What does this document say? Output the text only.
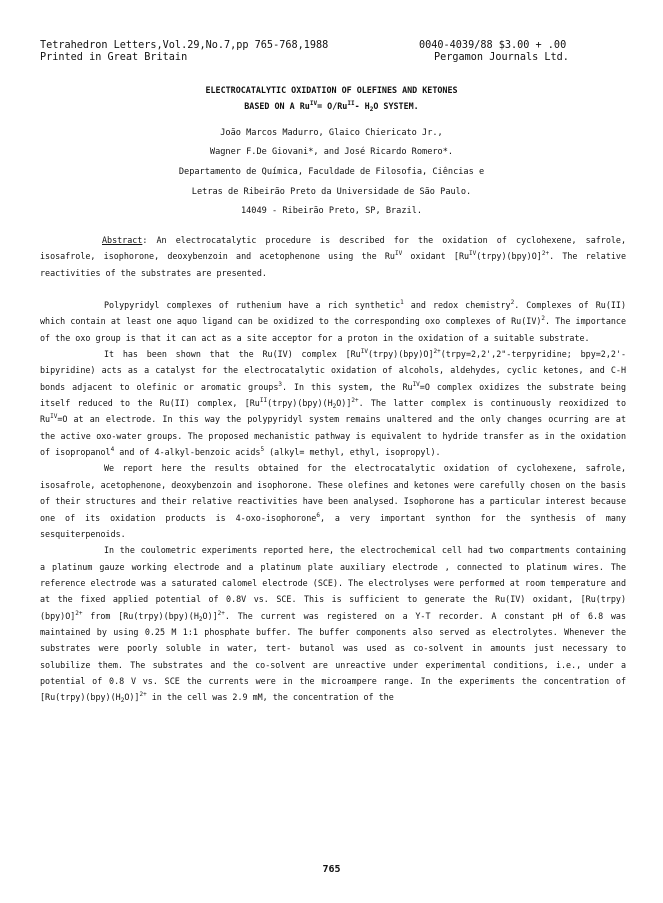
Tetrahedron Letters,Vol.29,No.7,pp 765-768,1988
Printed in Great Britain
0040-4039/88 $3.00 + .00
Pergamon Journals Ltd.
ELECTROCATALYTIC OXIDATION OF OLEFINES AND KETONES
BASED ON A $Ru^{IV}= O/Ru^{II}-$ $H_2O$ SYSTEM.
João Marcos Madurro, Glaico Chiericato Jr.,
Wagner F.De Giovani*, and José Ricardo Romero*.
Departamento de Química, Faculdade de Filosofia, Ciências e
Letras de Ribeirão Preto da Universidade de São Paulo.
14049 - Ribeirão Preto, SP, Brazil.

Abstract: An electrocatalytic procedure is described for the oxidation of cyclohexene, safrole, isosafrole, isophorone, deoxybenzoin and acetophenone using the $Ru^{IV}$ oxidant $[Ru^{IV}(trpy)(bpy)O]^{2+}$. The relative reactivities of the substrates are presented.

Polypyridyl complexes of ruthenium have a rich synthetic$^1$ and redox chemistry$^2$. Complexes of Ru(II) which contain at least one aquo ligand can be oxidized to the corresponding oxo complexes of Ru(IV)$^2$. The importance of the oxo group is that it can act as a site acceptor for a proton in the oxidation of a suitable substrate.

It has been shown that the Ru(IV) complex $[Ru^{IV}(trpy)(bpy)O]^{2+}(trpy=2,2',2$"-terpyridine; bpy=2,2'-bipyridine) acts as a catalyst for the electrocatalytic oxidation of alcohols, aldehydes, cyclic ketones, and C-H bonds adjacent to olefinic or aromatic groups$^3$. In this system, the $Ru^{IV}=O$ complex oxidizes the substrate being itself reduced to the Ru(II) complex, $[Ru^{II}(trpy)(bpy)(H_2O)]^{2+}$. The latter complex is continuously reoxidized to $Ru^{IV}=O$ at an electrode. In this way the polypyridyl system remains unaltered and the only changes ocurring are at the active oxo-water groups. The proposed mechanistic pathway is equivalent to hydride transfer as in the oxidation of isopropanol$^4$ and of 4-alkyl-benzoic acids$^5$ (alkyl= methyl, ethyl, isopropyl).

We report here the results obtained for the electrocatalytic oxidation of cyclohexene, safrole, isosafrole, acetophenone, deoxybenzoin and isophorone. These olefines and ketones were carefully chosen on the basis of their structures and their relative reactivities have been analysed. Isophorone has a particular interest because one of its oxidation products is 4-oxo-isophorone$^6$, a very important synthon for the synthesis of many sesquiterpenoids.

In the coulometric experiments reported here, the electrochemical cell had two compartments containing a platinum gauze working electrode and a platinum plate auxiliary electrode , connected to platinum wires. The reference electrode was a saturated calomel electrode (SCE). The electrolyses were performed at room temperature and at the fixed applied potential of 0.8V vs. SCE. This is sufficient to generate the Ru(IV) oxidant, [Ru(trpy)(bpy)O]$^{2+}$ from $[Ru(trpy)(bpy)(H_2O)]^{2+}$. The current was registered on a Y-T recorder. A constant pH of 6.8 was maintained by using 0.25 M 1:1 phosphate buffer. The buffer components also served as electrolytes. Whenever the substrates were poorly soluble in water, tert- butanol was used as co-solvent in amounts just necessary to solubilize them. The substrates and the co-solvent are unreactive under experimental conditions, i.e., under a potential of 0.8 V vs. SCE the currents were in the microampere range. In the experiments the concentration of $[Ru(trpy)(bpy)(H_2O)]^{2+}$ in the cell was 2.9 mM, the concentration of the

765
